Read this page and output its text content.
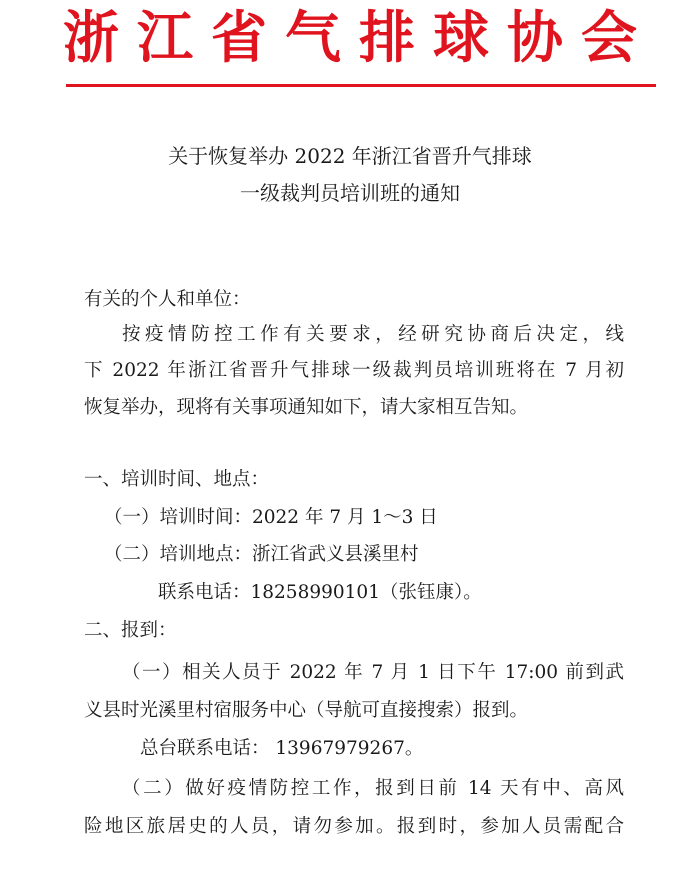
浙江省气排球协会
关于恢复举办 2022 年浙江省晋升气排球
一级裁判员培训班的通知
有关的个人和单位：
按疫情防控工作有关要求，经研究协商后决定，线
下 2022 年浙江省晋升气排球一级裁判员培训班将在 7 月初
恢复举办，现将有关事项通知如下，请大家相互告知。
一、培训时间、地点：
（一）培训时间：2022 年 7 月 1～3 日
（二）培训地点：浙江省武义县溪里村
联系电话：18258990101（张钰康）。
二、报到：
（一）相关人员于 2022 年 7 月 1 日下午 17:00 前到武
义县时光溪里村宿服务中心（导航可直接搜索）报到。
总台联系电话： 13967979267。
（二）做好疫情防控工作，报到日前 14 天有中、高风
险地区旅居史的人员，请勿参加。报到时，参加人员需配合
